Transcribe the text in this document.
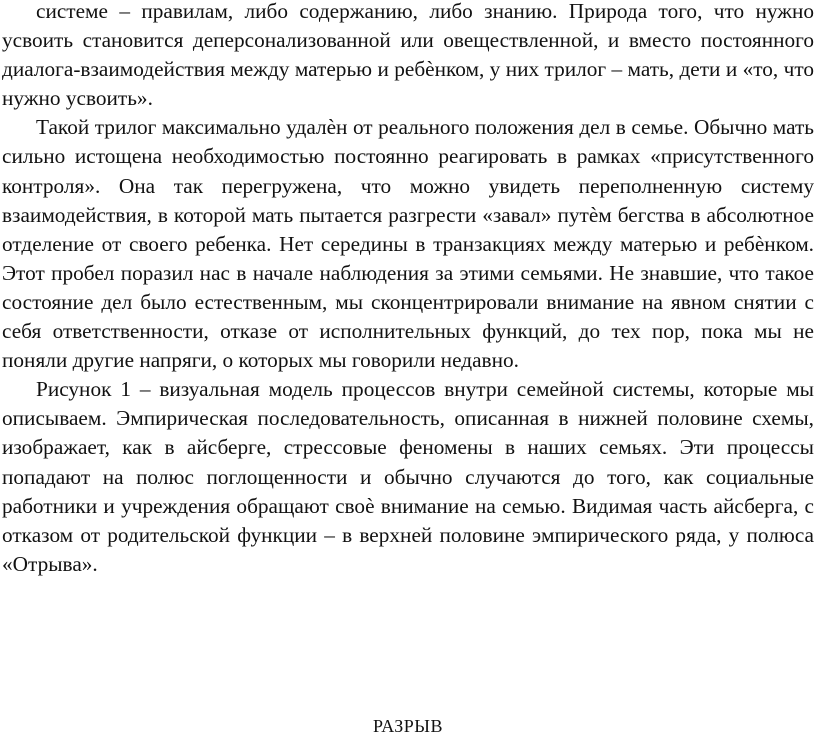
системе – правилам, либо содержанию, либо знанию. Природа того, что нужно усвоить становится деперсонализованной или овеществленной, и вместо постоянного диалога-взаимодействия между матерью и ребѐнком, у них трилог – мать, дети и «то, что нужно усвоить».

Такой трилог максимально удалѐн от реального положения дел в семье. Обычно мать сильно истощена необходимостью постоянно реагировать в рамках «присутственного контроля». Она так перегружена, что можно увидеть переполненную систему взаимодействия, в которой мать пытается разгрести «завал» путѐм бегства в абсолютное отделение от своего ребенка. Нет середины в транзакциях между матерью и ребѐнком. Этот пробел поразил нас в начале наблюдения за этими семьями. Не знавшие, что такое состояние дел было естественным, мы сконцентрировали внимание на явном снятии с себя ответственности, отказе от исполнительных функций, до тех пор, пока мы не поняли другие напряги, о которых мы говорили недавно.

Рисунок 1 – визуальная модель процессов внутри семейной системы, которые мы описываем. Эмпирическая последовательность, описанная в нижней половине схемы, изображает, как в айсберге, стрессовые феномены в наших семьях. Эти процессы попадают на полюс поглощенности и обычно случаются до того, как социальные работники и учреждения обращают своѐ внимание на семью. Видимая часть айсберга, с отказом от родительской функции – в верхней половине эмпирического ряда, у полюса «Отрыва».

РАЗРЫВ
